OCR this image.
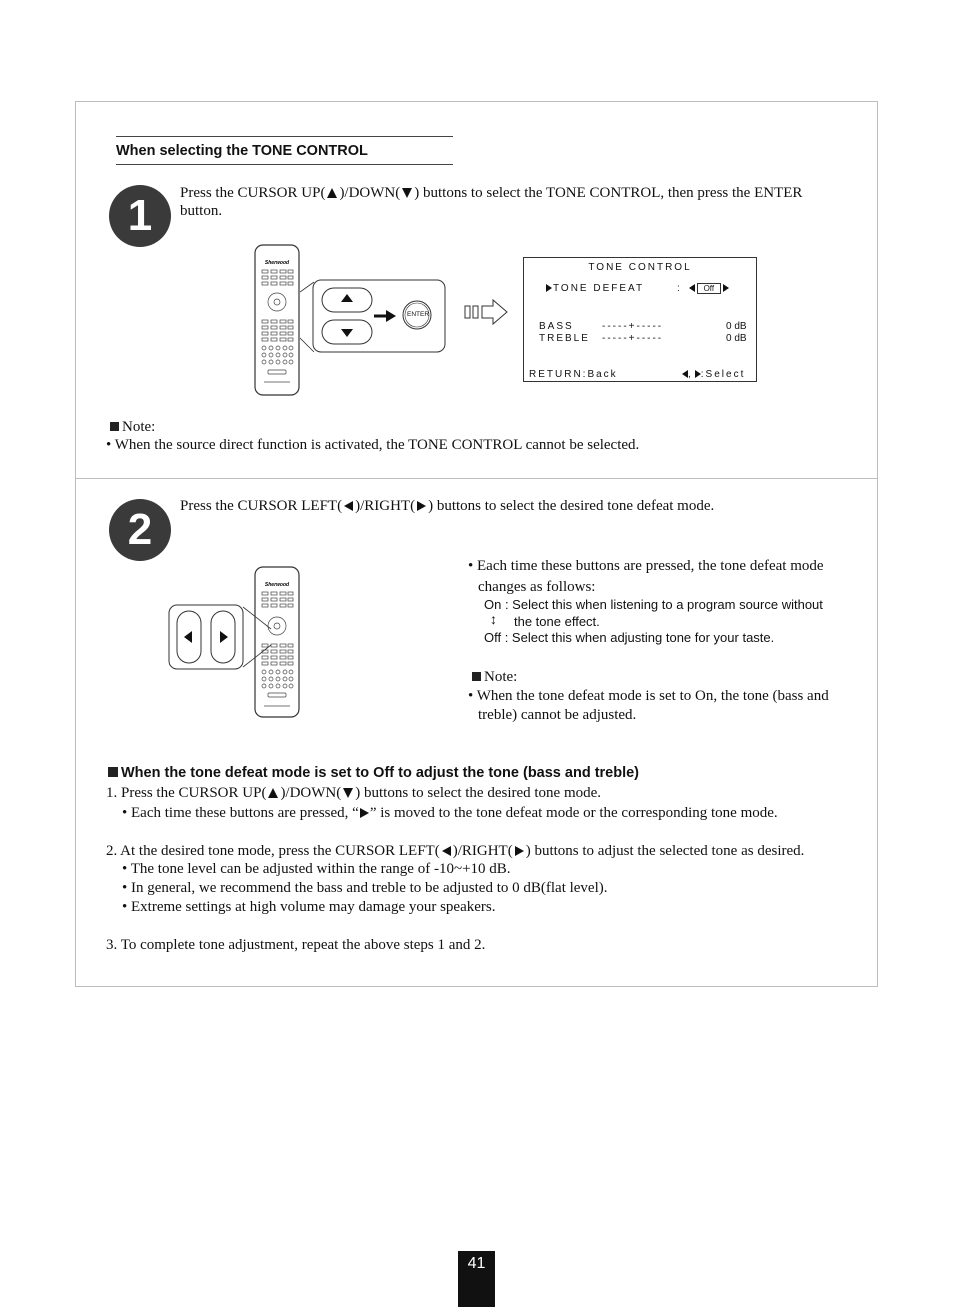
When selecting the TONE CONTROL
1	Press the CURSOR UP( )/DOWN( ) buttons to select the TONE CONTROL, then press the ENTER
button.
Sherwood
ENTER
TONE CONTROL
TONE DEFEAT	:	Off
BASS	-----+-----	0 dB
TREBLE -----+-----	0 dB
RETURN:Back	, :Select
Note:
• When the source direct function is activated, the TONE CONTROL cannot be selected.
2	Press the CURSOR LEFT( )/RIGHT( ) buttons to select the desired tone defeat mode.
Sherwood
• Each time these buttons are pressed, the tone defeat mode
changes as follows:
On : Select this when listening to a program source without
↕ the tone effect.
Off : Select this when adjusting tone for your taste.
Note:
• When the tone defeat mode is set to On, the tone (bass and
treble) cannot be adjusted.
When the tone defeat mode is set to Off to adjust the tone (bass and treble)
1. Press the CURSOR UP( )/DOWN( ) buttons to select the desired tone mode.
• Each time these buttons are pressed, “ ” is moved to the tone defeat mode or the corresponding tone mode.
2. At the desired tone mode, press the CURSOR LEFT( )/RIGHT( ) buttons to adjust the selected tone as desired.
• The tone level can be adjusted within the range of -10~+10 dB.
• In general, we recommend the bass and treble to be adjusted to 0 dB(flat level).
• Extreme settings at high volume may damage your speakers.
3. To complete tone adjustment, repeat the above steps 1 and 2.
41
